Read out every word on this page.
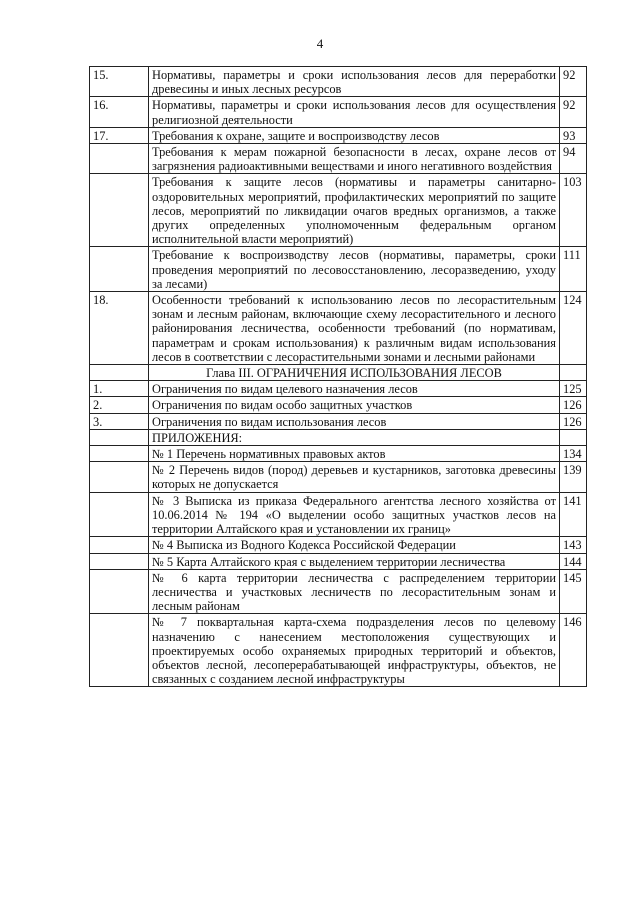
4
15.	Нормативы, параметры и сроки использования лесов для переработки древесины и иных лесных ресурсов	92
16.	Нормативы, параметры и сроки использования лесов для осуществления религиозной деятельности	92
17.	Требования к охране, защите и воспроизводству лесов	93

	Требования к мерам пожарной безопасности в лесах, охране лесов от загрязнения радиоактивными веществами и иного негативного воздействия	94

	Требования к защите лесов (нормативы и параметры санитарно-оздоровительных мероприятий, профилактических мероприятий по защите лесов, мероприятий по ликвидации очагов вредных организмов, а также других определенных уполномоченным федеральным органом исполнительной власти мероприятий)	103

	Требование к воспроизводству лесов (нормативы, параметры, сроки проведения мероприятий по лесовосстановлению, лесоразведению, уходу за лесами)	111
18.	Особенности требований к использованию лесов по лесорастительным зонам и лесным районам, включающие схему лесорастительного и лесного районирования лесничества, особенности требований (по нормативам, параметрам и срокам использования) к различным видам использования лесов в соответствии с лесорастительными зонами и лесными районами	124

	Глава III. ОГРАНИЧЕНИЯ ИСПОЛЬЗОВАНИЯ ЛЕСОВ	

1.	Ограничения по видам целевого назначения лесов	125
2.	Ограничения по видам особо защитных участков	126
3.	Ограничения по видам использования лесов	126

	ПРИЛОЖЕНИЯ:	

	№ 1 Перечень нормативных правовых актов	134

	№ 2 Перечень видов (пород) деревьев и кустарников, заготовка древесины которых не допускается	139

	№ 3 Выписка из приказа Федерального агентства лесного хозяйства от 10.06.2014 № 194 «О выделении особо защитных участков лесов на территории Алтайского края и установлении их границ»	141

	№ 4 Выписка из Водного Кодекса Российской Федерации	143

	№ 5 Карта Алтайского края с выделением территории лесничества	144

	№ 6 карта территории лесничества с распределением территории лесничества и участковых лесничеств по лесорастительным зонам и лесным районам	145

	№ 7 поквартальная карта-схема подразделения лесов по целевому назначению с нанесением местоположения существующих и проектируемых особо охраняемых природных территорий и объектов, объектов лесной, лесоперерабатывающей инфраструктуры, объектов, не связанных с созданием лесной инфраструктуры	146
